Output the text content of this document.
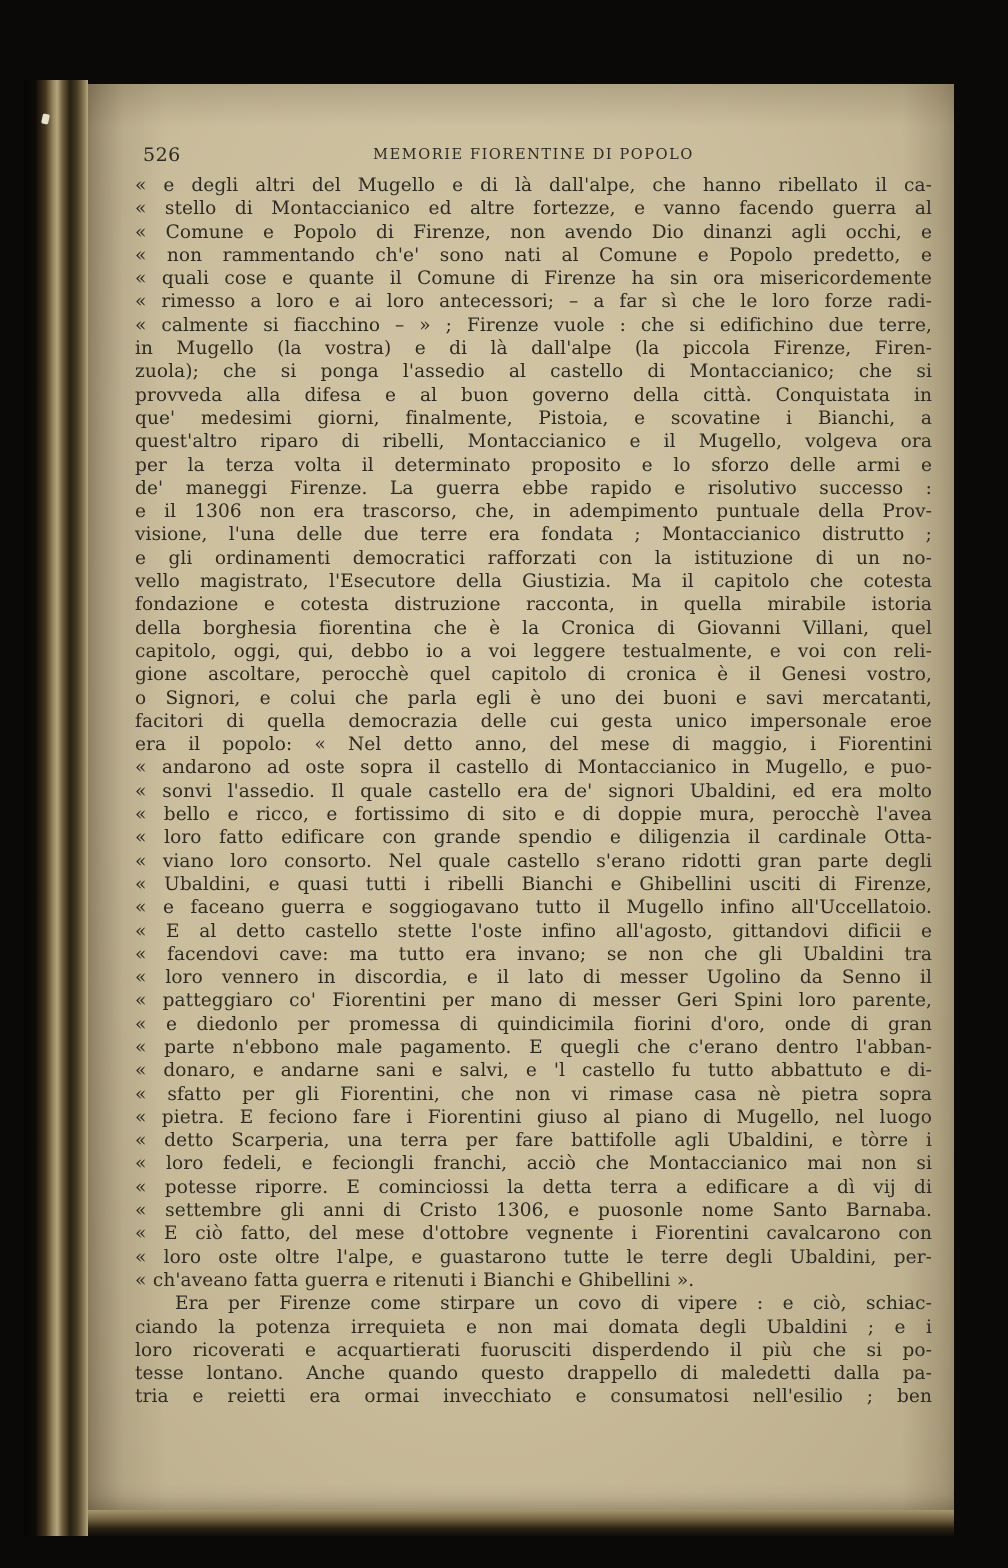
526	MEMORIE FIORENTINE DI POPOLO
« e degli altri del Mugello e di là dall'alpe, che hanno ribellato il ca-
« stello di Montaccianico ed altre fortezze, e vanno facendo guerra al
« Comune e Popolo di Firenze, non avendo Dio dinanzi agli occhi, e
« non rammentando ch'e' sono nati al Comune e Popolo predetto, e
« quali cose e quante il Comune di Firenze ha sin ora misericordemente
« rimesso a loro e ai loro antecessori; – a far sì che le loro forze radi-
« calmente si fiacchino – » ; Firenze vuole : che si edifichino due terre,
in Mugello (la vostra) e di là dall'alpe (la piccola Firenze, Firen-
zuola); che si ponga l'assedio al castello di Montaccianico; che si
provveda alla difesa e al buon governo della città. Conquistata in
que' medesimi giorni, finalmente, Pistoia, e scovatine i Bianchi, a
quest'altro riparo di ribelli, Montaccianico e il Mugello, volgeva ora
per la terza volta il determinato proposito e lo sforzo delle armi e
de' maneggi Firenze. La guerra ebbe rapido e risolutivo successo :
e il 1306 non era trascorso, che, in adempimento puntuale della Prov-
visione, l'una delle due terre era fondata ; Montaccianico distrutto ;
e gli ordinamenti democratici rafforzati con la istituzione di un no-
vello magistrato, l'Esecutore della Giustizia. Ma il capitolo che cotesta
fondazione e cotesta distruzione racconta, in quella mirabile istoria
della borghesia fiorentina che è la Cronica di Giovanni Villani, quel
capitolo, oggi, qui, debbo io a voi leggere testualmente, e voi con reli-
gione ascoltare, perocchè quel capitolo di cronica è il Genesi vostro,
o Signori, e colui che parla egli è uno dei buoni e savi mercatanti,
facitori di quella democrazia delle cui gesta unico impersonale eroe
era il popolo: « Nel detto anno, del mese di maggio, i Fiorentini
« andarono ad oste sopra il castello di Montaccianico in Mugello, e puo-
« sonvi l'assedio. Il quale castello era de' signori Ubaldini, ed era molto
« bello e ricco, e fortissimo di sito e di doppie mura, perocchè l'avea
« loro fatto edificare con grande spendio e diligenzia il cardinale Otta-
« viano loro consorto. Nel quale castello s'erano ridotti gran parte degli
« Ubaldini, e quasi tutti i ribelli Bianchi e Ghibellini usciti di Firenze,
« e faceano guerra e soggiogavano tutto il Mugello infino all'Uccellatoio.
« E al detto castello stette l'oste infino all'agosto, gittandovi dificii e
« facendovi cave: ma tutto era invano; se non che gli Ubaldini tra
« loro vennero in discordia, e il lato di messer Ugolino da Senno il
« patteggiaro co' Fiorentini per mano di messer Geri Spini loro parente,
« e diedonlo per promessa di quindicimila fiorini d'oro, onde di gran
« parte n'ebbono male pagamento. E quegli che c'erano dentro l'abban-
« donaro, e andarne sani e salvi, e 'l castello fu tutto abbattuto e di-
« sfatto per gli Fiorentini, che non vi rimase casa nè pietra sopra
« pietra. E feciono fare i Fiorentini giuso al piano di Mugello, nel luogo
« detto Scarperia, una terra per fare battifolle agli Ubaldini, e tòrre i
« loro fedeli, e feciongli franchi, acciò che Montaccianico mai non si
« potesse riporre. E cominciossi la detta terra a edificare a dì vij di
« settembre gli anni di Cristo 1306, e puosonle nome Santo Barnaba.
« E ciò fatto, del mese d'ottobre vegnente i Fiorentini cavalcarono con
« loro oste oltre l'alpe, e guastarono tutte le terre degli Ubaldini, per-
« ch'aveano fatta guerra e ritenuti i Bianchi e Ghibellini ».
Era per Firenze come stirpare un covo di vipere : e ciò, schiac-
ciando la potenza irrequieta e non mai domata degli Ubaldini ; e i
loro ricoverati e acquartierati fuorusciti disperdendo il più che si po-
tesse lontano. Anche quando questo drappello di maledetti dalla pa-
tria e reietti era ormai invecchiato e consumatosi nell'esilio ; ben
